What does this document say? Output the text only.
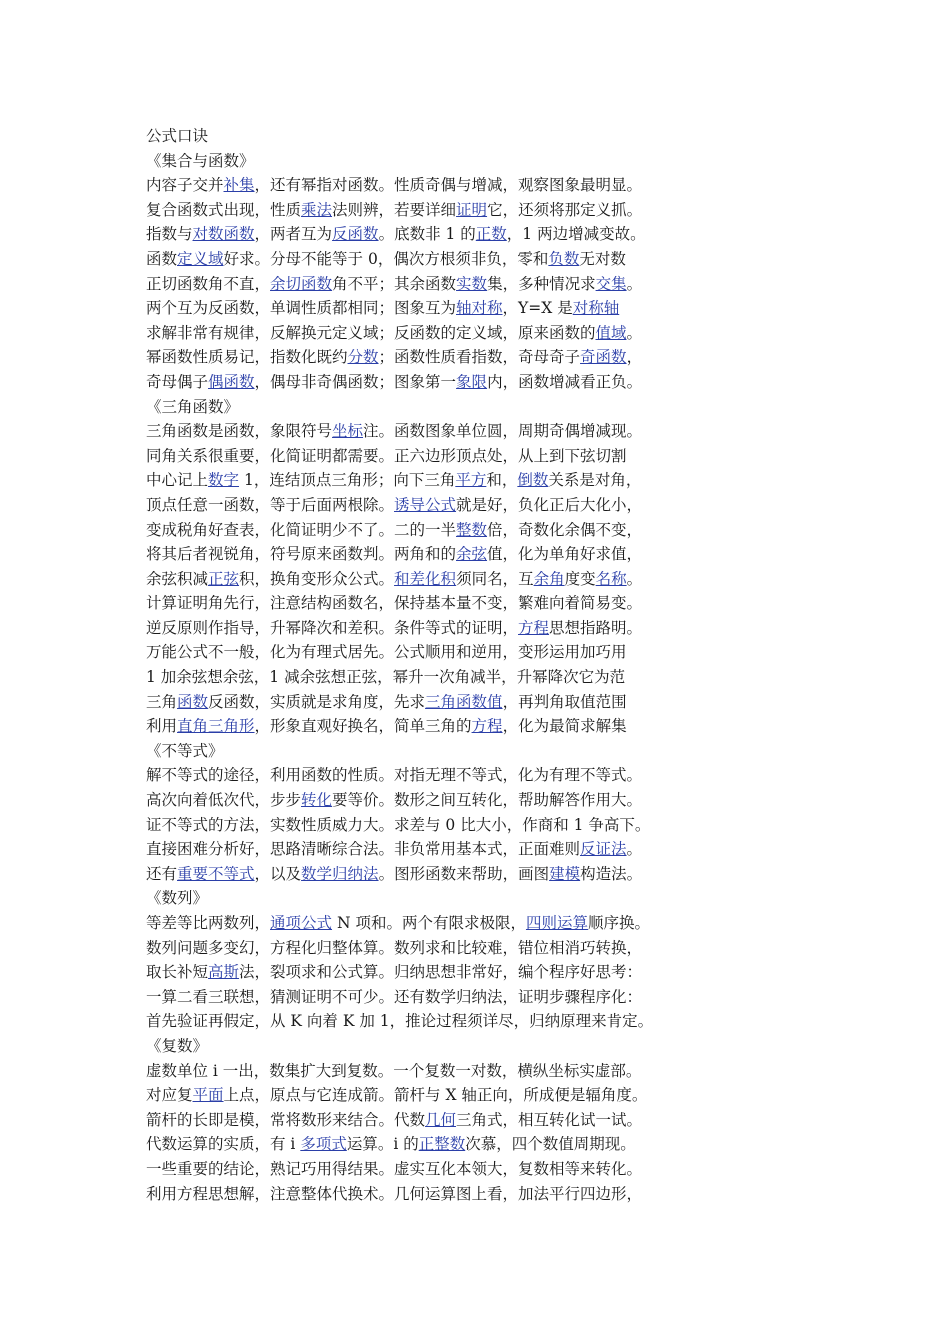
公式口诀
《集合与函数》
内容子交并补集，还有幂指对函数。性质奇偶与增减，观察图象最明显。
复合函数式出现，性质乘法法则辨，若要详细证明它，还须将那定义抓。
指数与对数函数，两者互为反函数。底数非 1 的正数，1 两边增减变故。
函数定义域好求。分母不能等于 0，偶次方根须非负，零和负数无对数
正切函数角不直，余切函数角不平；其余函数实数集，多种情况求交集。
两个互为反函数，单调性质都相同；图象互为轴对称，Y=X 是对称轴
求解非常有规律，反解换元定义域；反函数的定义域，原来函数的值域。
幂函数性质易记，指数化既约分数；函数性质看指数，奇母奇子奇函数，
奇母偶子偶函数，偶母非奇偶函数；图象第一象限内，函数增减看正负。
《三角函数》
三角函数是函数，象限符号坐标注。函数图象单位圆，周期奇偶增减现。
同角关系很重要，化简证明都需要。正六边形顶点处，从上到下弦切割
中心记上数字 1，连结顶点三角形；向下三角平方和，倒数关系是对角，
顶点任意一函数，等于后面两根除。诱导公式就是好，负化正后大化小，
变成税角好查表，化简证明少不了。二的一半整数倍，奇数化余偶不变，
将其后者视锐角，符号原来函数判。两角和的余弦值，化为单角好求值，
余弦积减正弦积，换角变形众公式。和差化积须同名，互余角度变名称。
计算证明角先行，注意结构函数名，保持基本量不变，繁难向着简易变。
逆反原则作指导，升幂降次和差积。条件等式的证明，方程思想指路明。
万能公式不一般，化为有理式居先。公式顺用和逆用，变形运用加巧用
1 加余弦想余弦，1 减余弦想正弦，幂升一次角减半，升幂降次它为范
三角函数反函数，实质就是求角度，先求三角函数值，再判角取值范围
利用直角三角形，形象直观好换名，简单三角的方程，化为最简求解集
《不等式》
解不等式的途径，利用函数的性质。对指无理不等式，化为有理不等式。
高次向着低次代，步步转化要等价。数形之间互转化，帮助解答作用大。
证不等式的方法，实数性质威力大。求差与 0 比大小，作商和 1 争高下。
直接困难分析好，思路清晰综合法。非负常用基本式，正面难则反证法。
还有重要不等式，以及数学归纳法。图形函数来帮助，画图建模构造法。
《数列》
等差等比两数列，通项公式 N 项和。两个有限求极限，四则运算顺序换。
数列问题多变幻，方程化归整体算。数列求和比较难，错位相消巧转换，
取长补短高斯法，裂项求和公式算。归纳思想非常好，编个程序好思考：
一算二看三联想，猜测证明不可少。还有数学归纳法，证明步骤程序化：
首先验证再假定，从 K 向着 K 加 1，推论过程须详尽，归纳原理来肯定。
《复数》
虚数单位 i 一出，数集扩大到复数。一个复数一对数，横纵坐标实虚部。
对应复平面上点，原点与它连成箭。箭杆与 X 轴正向，所成便是辐角度。
箭杆的长即是模，常将数形来结合。代数几何三角式，相互转化试一试。
代数运算的实质，有 i 多项式运算。i 的正整数次慕，四个数值周期现。
一些重要的结论，熟记巧用得结果。虚实互化本领大，复数相等来转化。
利用方程思想解，注意整体代换术。几何运算图上看，加法平行四边形，
